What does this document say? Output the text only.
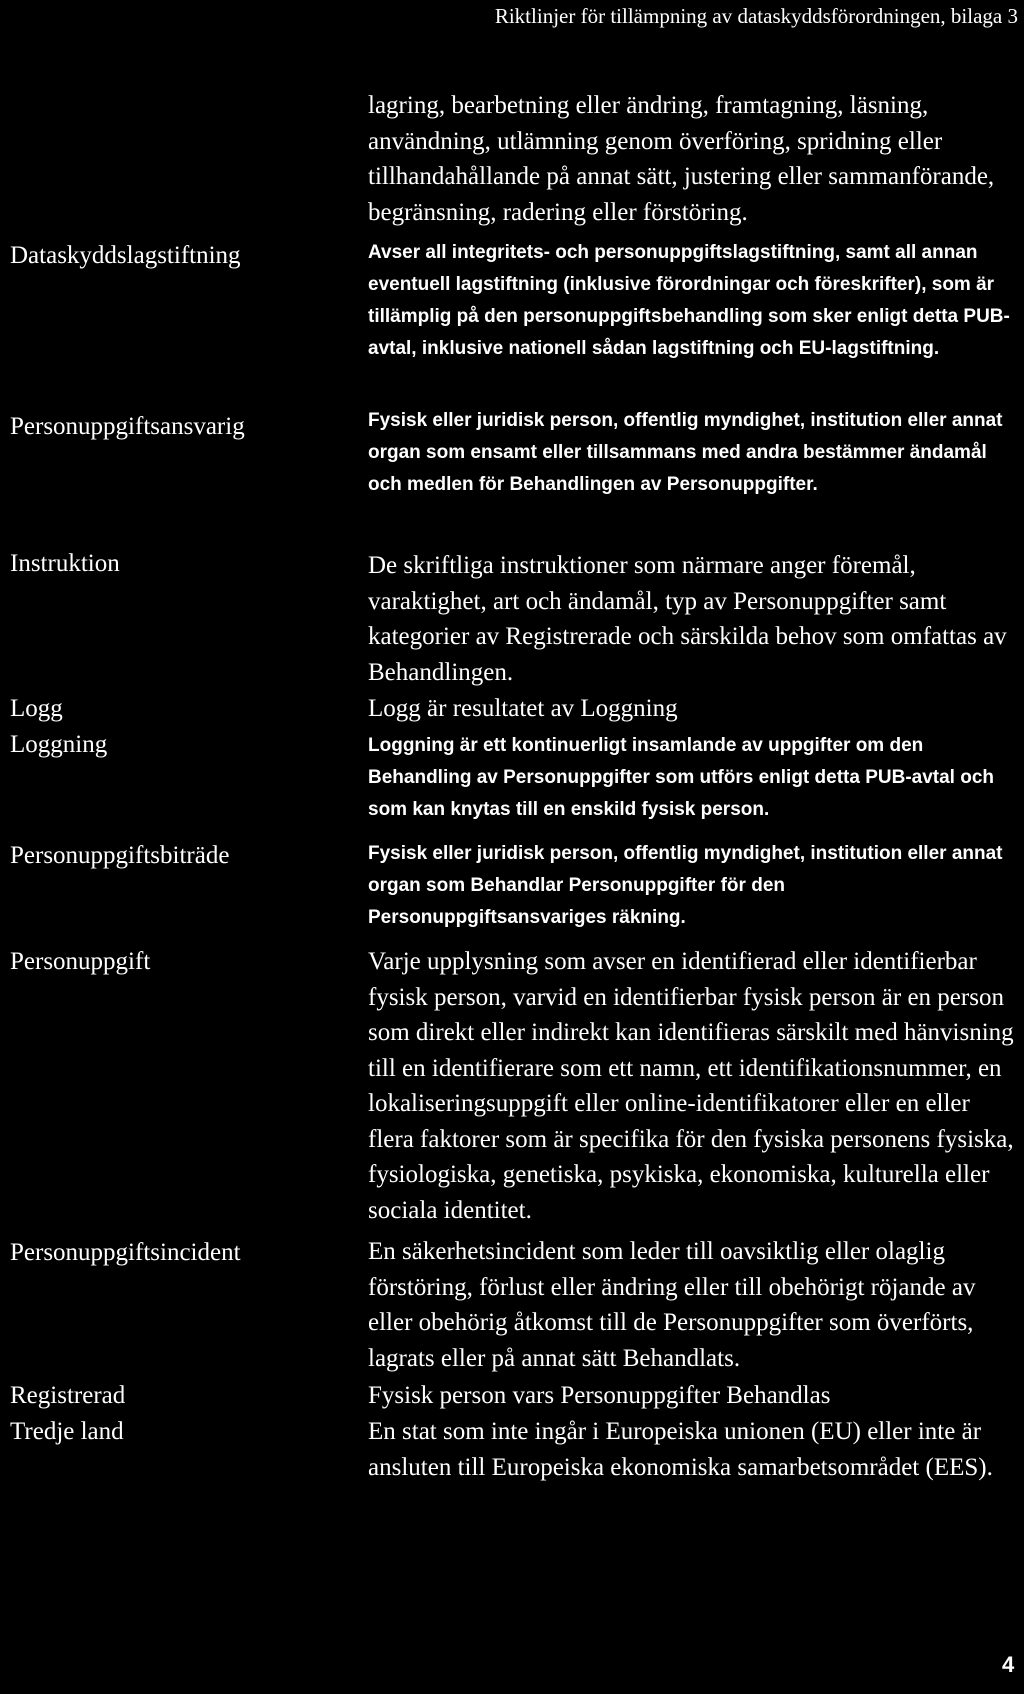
Riktlinjer för tillämpning av dataskyddsförordningen, bilaga 3
lagring, bearbetning eller ändring, framtagning, läsning, användning, utlämning genom överföring, spridning eller tillhandahållande på annat sätt, justering eller sammanförande, begränsning, radering eller förstöring.
Dataskyddslagstiftning	Avser all integritets- och personuppgiftslagstiftning, samt all annan eventuell lagstiftning (inklusive förordningar och föreskrifter), som är tillämplig på den personuppgiftsbehandling som sker enligt detta PUB-avtal, inklusive nationell sådan lagstiftning och EU-lagstiftning.
Personuppgiftsansvarig	Fysisk eller juridisk person, offentlig myndighet, institution eller annat organ som ensamt eller tillsammans med andra bestämmer ändamål och medlen för Behandlingen av Personuppgifter.
Instruktion	De skriftliga instruktioner som närmare anger föremål, varaktighet, art och ändamål, typ av Personuppgifter samt kategorier av Registrerade och särskilda behov som omfattas av Behandlingen.
Logg	Logg är resultatet av Loggning
Loggning	Loggning är ett kontinuerligt insamlande av uppgifter om den Behandling av Personuppgifter som utförs enligt detta PUB-avtal och som kan knytas till en enskild fysisk person.
Personuppgiftsbiträde	Fysisk eller juridisk person, offentlig myndighet, institution eller annat organ som Behandlar Personuppgifter för den Personuppgiftsansvariges räkning.
Personuppgift	Varje upplysning som avser en identifierad eller identifierbar fysisk person, varvid en identifierbar fysisk person är en person som direkt eller indirekt kan identifieras särskilt med hänvisning till en identifierare som ett namn, ett identifikationsnummer, en lokaliseringsuppgift eller online-identifikatorer eller en eller flera faktorer som är specifika för den fysiska personens fysiska, fysiologiska, genetiska, psykiska, ekonomiska, kulturella eller sociala identitet.
Personuppgiftsincident	En säkerhetsincident som leder till oavsiktlig eller olaglig förstöring, förlust eller ändring eller till obehörigt röjande av eller obehörig åtkomst till de Personuppgifter som överförts, lagrats eller på annat sätt Behandlats.
Registrerad	Fysisk person vars Personuppgifter Behandlas
Tredje land	En stat som inte ingår i Europeiska unionen (EU) eller inte är ansluten till Europeiska ekonomiska samarbetsområdet (EES).
4
